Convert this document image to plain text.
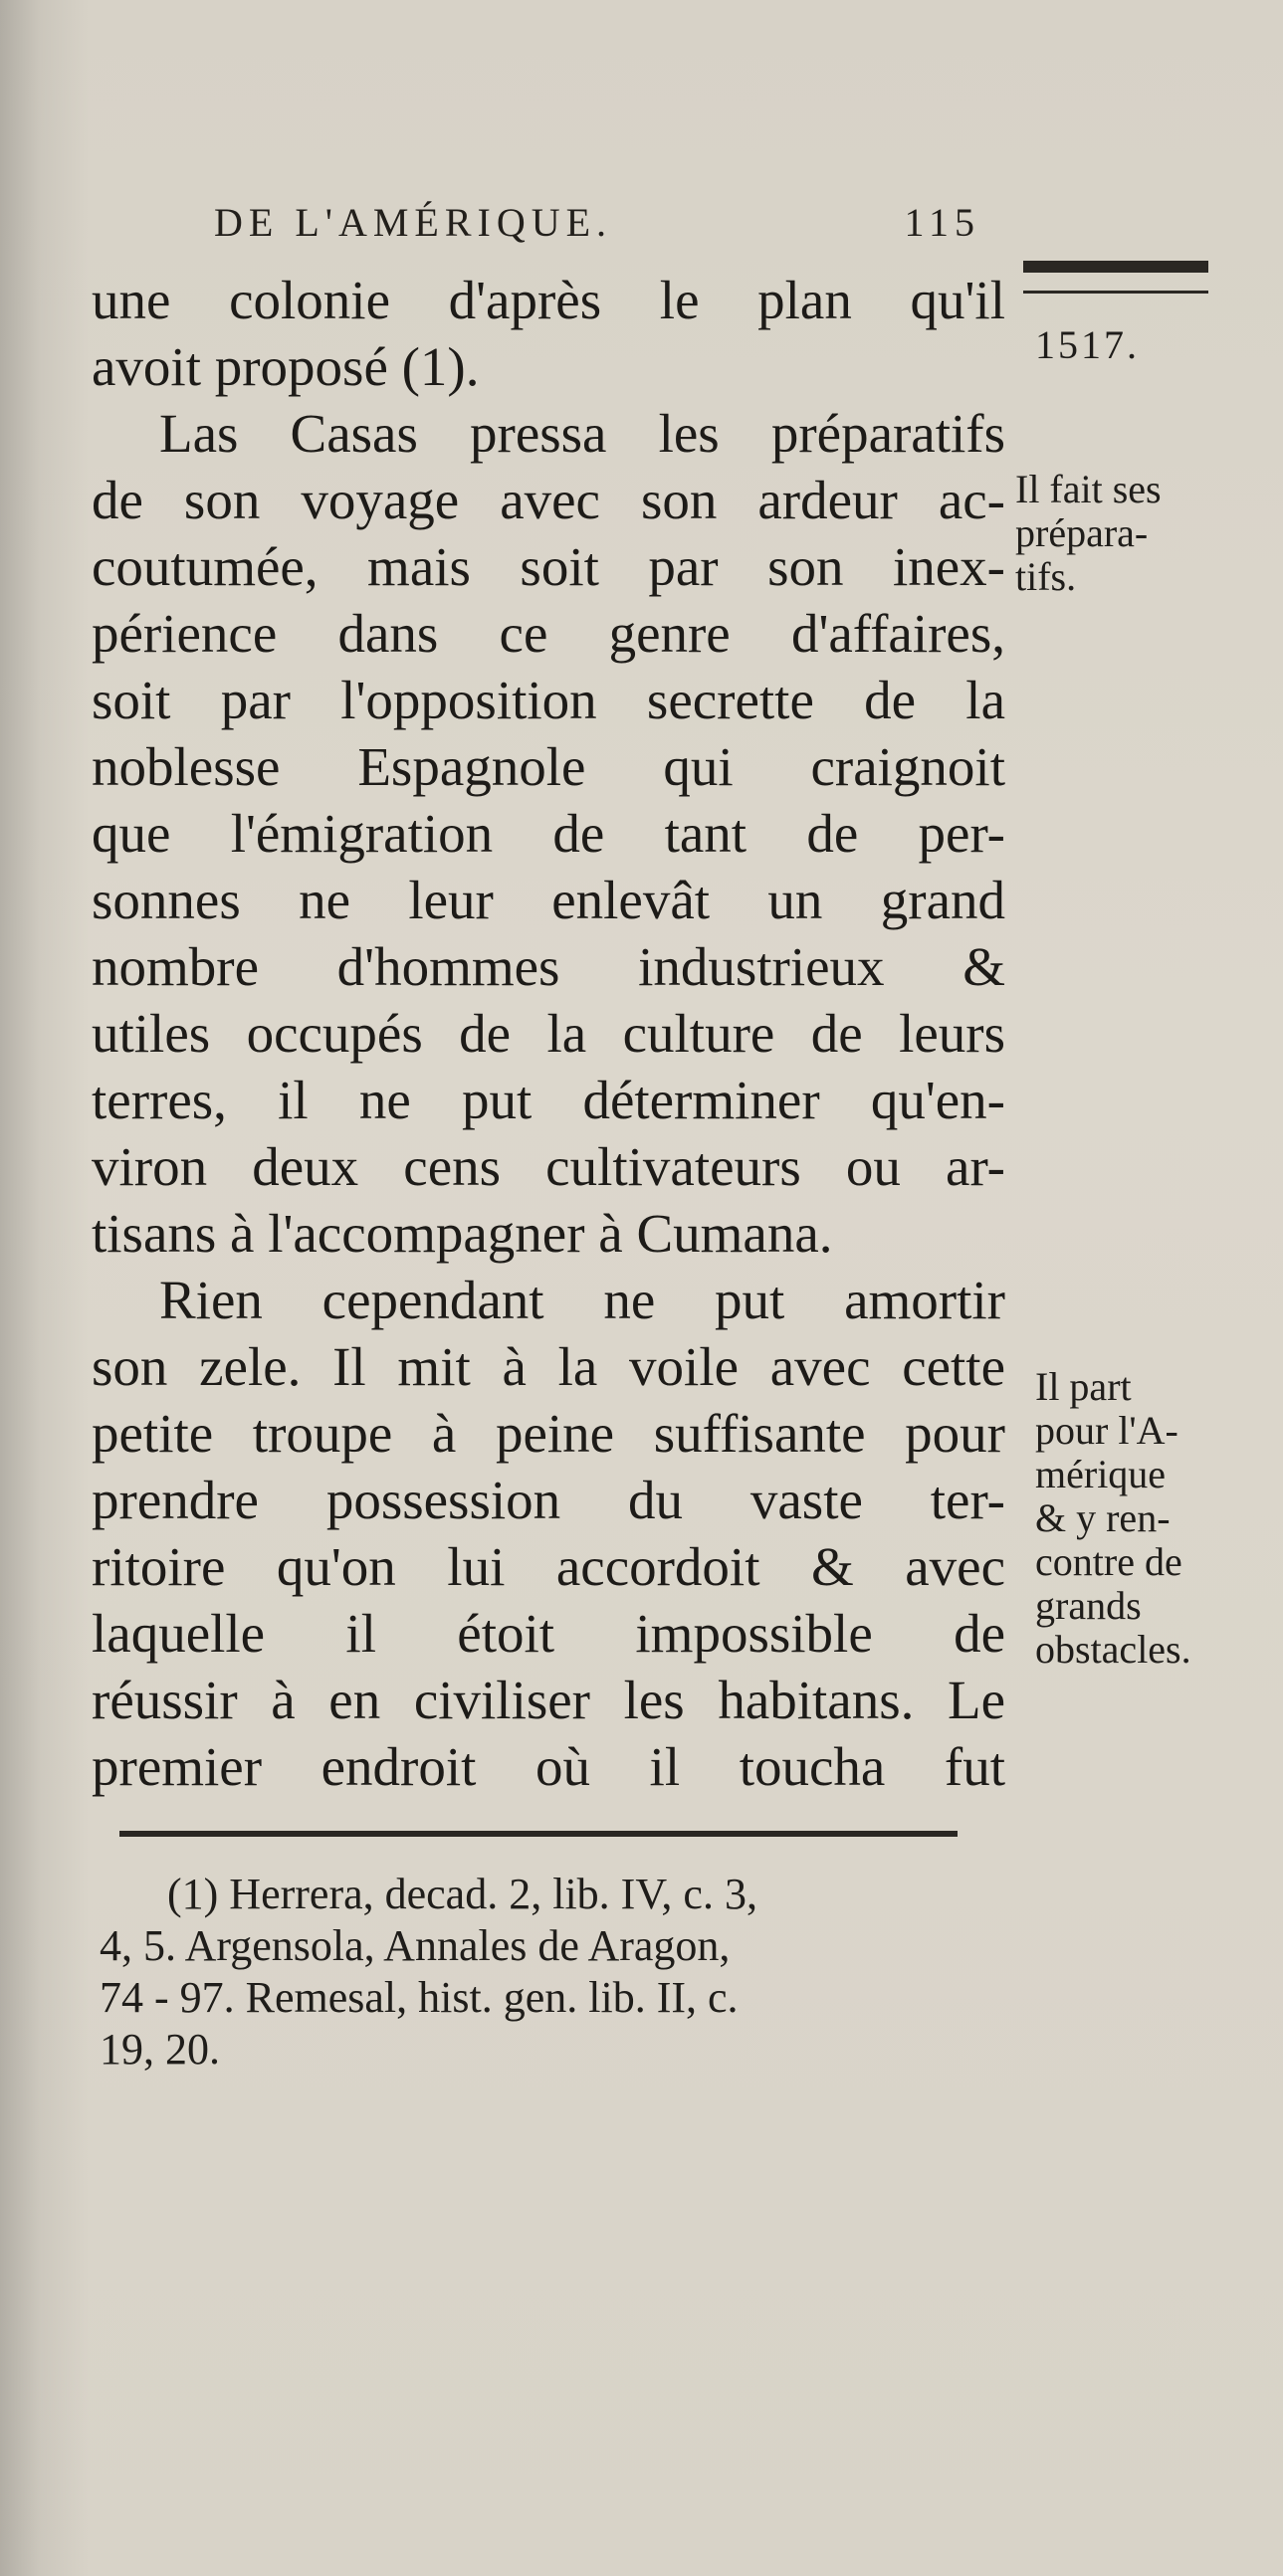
DE L'AMÉRIQUE.	115
1517.
une colonie d'après le plan qu'il
avoit proposé (1).
Las Casas pressa les préparatifs
de son voyage avec son ardeur ac-
coutumée, mais soit par son inex-
périence dans ce genre d'affaires,
soit par l'opposition secrette de la
noblesse Espagnole qui craignoit
que l'émigration de tant de per-
sonnes ne leur enlevât un grand
nombre d'hommes industrieux &
utiles occupés de la culture de leurs
terres, il ne put déterminer qu'en-
viron deux cens cultivateurs ou ar-
tisans à l'accompagner à Cumana.
Rien cependant ne put amortir
son zele. Il mit à la voile avec cette
petite troupe à peine suffisante pour
prendre possession du vaste ter-
ritoire qu'on lui accordoit & avec
laquelle il étoit impossible de
réussir à en civiliser les habitans. Le
premier endroit où il toucha fut
Il fait ses
prépara-
tifs.
Il part
pour l'A-
mérique
& y ren-
contre de
grands
obstacles.
(1) Herrera, decad. 2, lib. IV, c. 3,
4, 5. Argensola, Annales de Aragon,
74 - 97. Remesal, hist. gen. lib. II, c.
19, 20.
